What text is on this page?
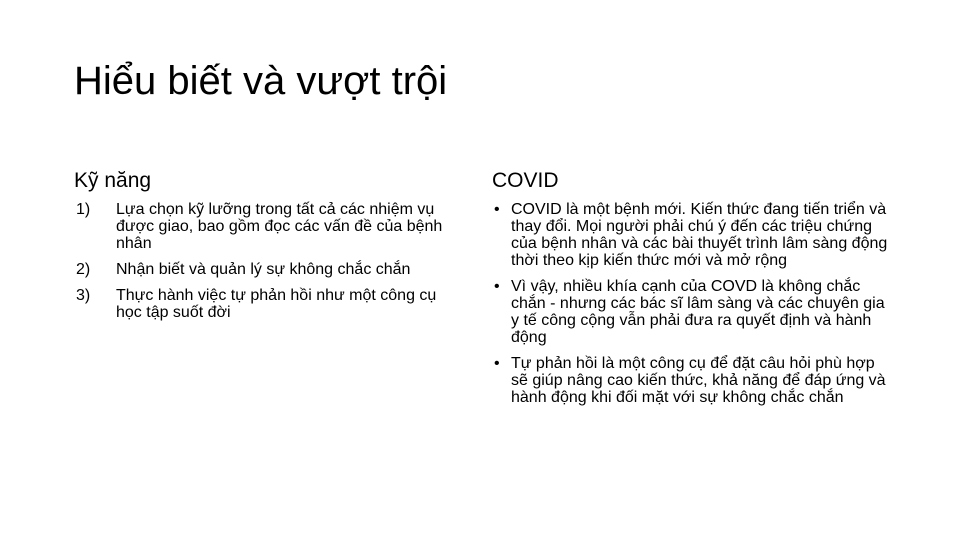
Hiểu biết và vượt trội
Kỹ năng
1) Lựa chọn kỹ lưỡng trong tất cả các nhiệm vụ được giao, bao gồm đọc các vấn đề của bệnh nhân
2) Nhận biết và quản lý sự không chắc chắn
3) Thực hành việc tự phản hồi như một công cụ học tập suốt đời
COVID
• COVID là một bệnh mới. Kiến thức đang tiến triển và thay đổi. Mọi người phải chú ý đến các triệu chứng của bệnh nhân và các bài thuyết trình lâm sàng động thời theo kịp kiến thức mới và mở rộng
• Vì vậy, nhiều khía cạnh của COVD là không chắc chắn - nhưng các bác sĩ lâm sàng và các chuyên gia y tế công cộng vẫn phải đưa ra quyết định và hành động
• Tự phản hồi là một công cụ để đặt câu hỏi phù hợp sẽ giúp nâng cao kiến thức, khả năng để đáp ứng và hành động khi đối mặt với sự không chắc chắn
